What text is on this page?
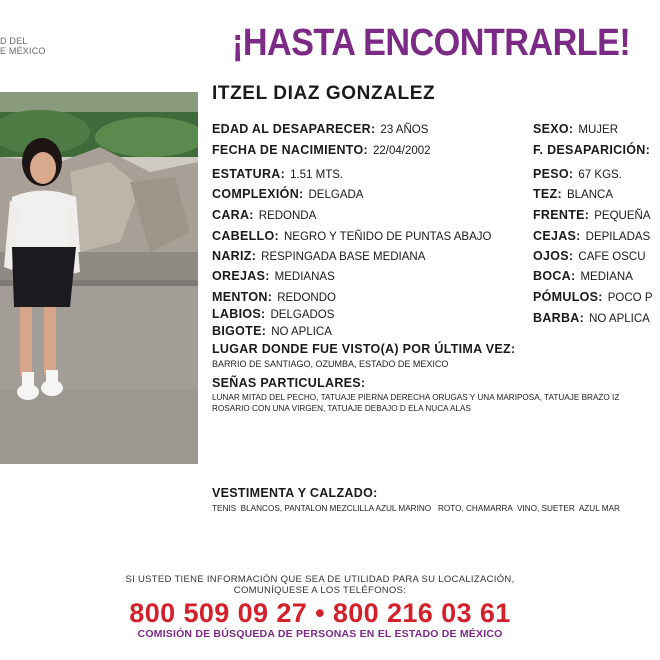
D DEL
E MÉXICO	¡HASTA ENCONTRARLE!
ITZEL DIAZ GONZALEZ
EDAD AL DESAPARECER: 23 AÑOS
FECHA DE NACIMIENTO: 22/04/2002
ESTATURA: 1.51 MTS.
COMPLEXIÓN: DELGADA
CARA: REDONDA
CABELLO: NEGRO Y TEÑIDO DE PUNTAS ABAJO
NARIZ: RESPINGADA BASE MEDIANA
OREJAS: MEDIANAS
MENTON: REDONDO
LABIOS: DELGADOS
BIGOTE: NO APLICA
SEXO: MUJER
F. DESAPARICIÓN:
PESO: 67 KGS.
TEZ: BLANCA
FRENTE: PEQUEÑA
CEJAS: DEPILADAS
OJOS: CAFE OSCU
BOCA: MEDIANA
PÓMULOS: POCO P
BARBA: NO APLICA
LUGAR DONDE FUE VISTO(A) POR ÚLTIMA VEZ:
BARRIO DE SANTIAGO, OZUMBA, ESTADO DE MEXICO
SEÑAS PARTICULARES:
LUNAR MITAD DEL PECHO, TATUAJE PIERNA DERECHA ORUGAS Y UNA MARIPOSA, TATUAJE BRAZO IZ
ROSARIO CON UNA VIRGEN, TATUAJE DEBAJO D ELA NUCA ALAS
VESTIMENTA Y CALZADO:
TENIS  BLANCOS, PANTALON MEZCLILLA AZUL MARINO   ROTO, CHAMARRA  VINO, SUETER  AZUL MAR
SI USTED TIENE INFORMACIÓN QUE SEA DE UTILIDAD PARA SU LOCALIZACIÓN,
COMUNÍQUESE A LOS TELÉFONOS:
800 509 09 27 • 800 216 03 61
COMISIÓN DE BÚSQUEDA DE PERSONAS EN EL ESTADO DE MÉXICO
